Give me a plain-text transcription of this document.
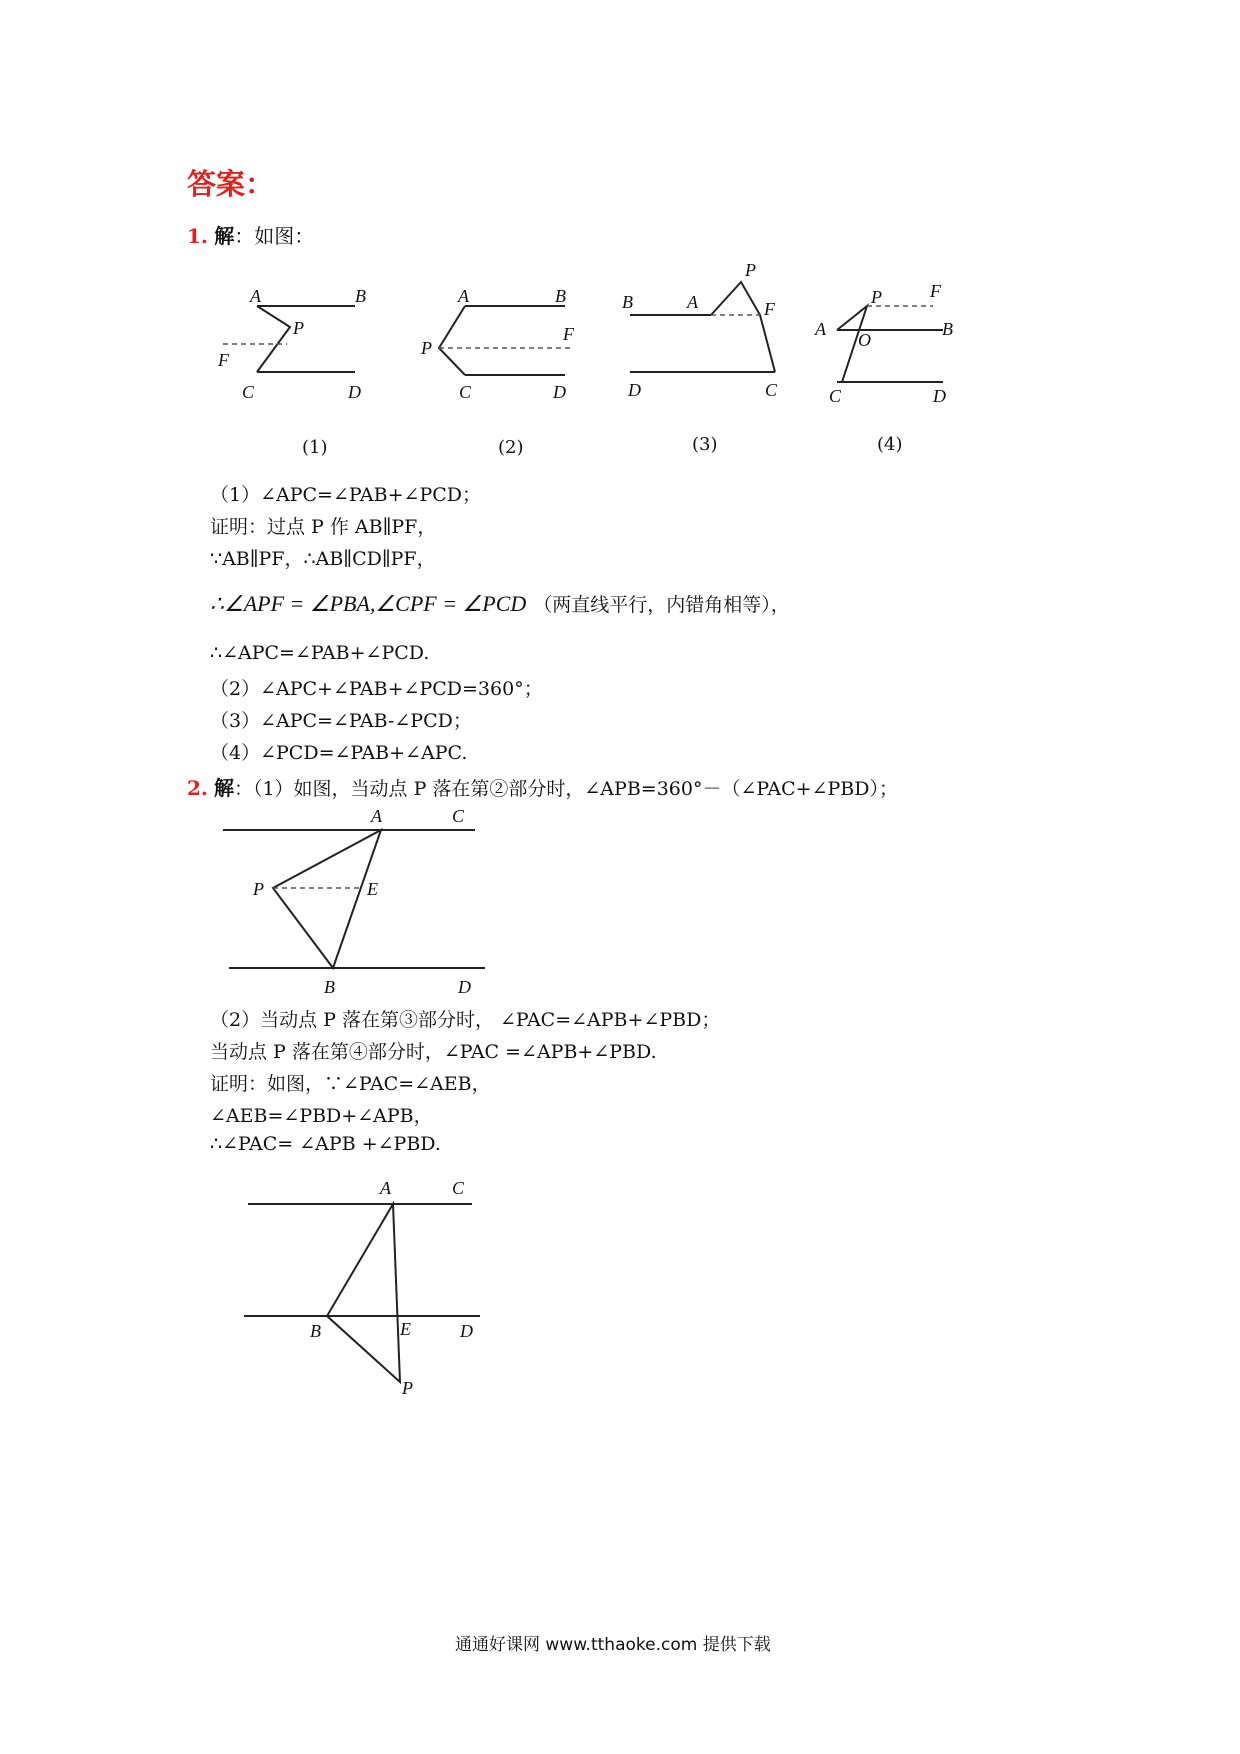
答案：
1. 解：如图：
A	B
P
F
C	D
(1)
A	B
P
F
C	D
(2)
P
B	A	F
D	C
(3)
A	B
P	F
O
C	D
(4)
（1）∠APC=∠PAB+∠PCD；
证明：过点 P 作 AB∥PF，
∵AB∥PF，∴AB∥CD∥PF，
∴∠APF = ∠PBA,∠CPF = ∠PCD （两直线平行，内错角相等），
∴∠APC=∠PAB+∠PCD.
（2）∠APC+∠PAB+∠PCD=360°；
（3）∠APC=∠PAB-∠PCD；
（4）∠PCD=∠PAB+∠APC.
2. 解：（1）如图，当动点 P 落在第②部分时，∠APB=360°－（∠PAC+∠PBD）；
A	C
P	E
B	D
（2）当动点 P 落在第③部分时， ∠PAC=∠APB+∠PBD；
当动点 P 落在第④部分时，∠PAC =∠APB+∠PBD.
证明：如图，∵∠PAC=∠AEB，
∠AEB=∠PBD+∠APB，
∴∠PAC= ∠APB +∠PBD.
A	C
B	E	D
P
通通好课网 www.tthaoke.com 提供下载
